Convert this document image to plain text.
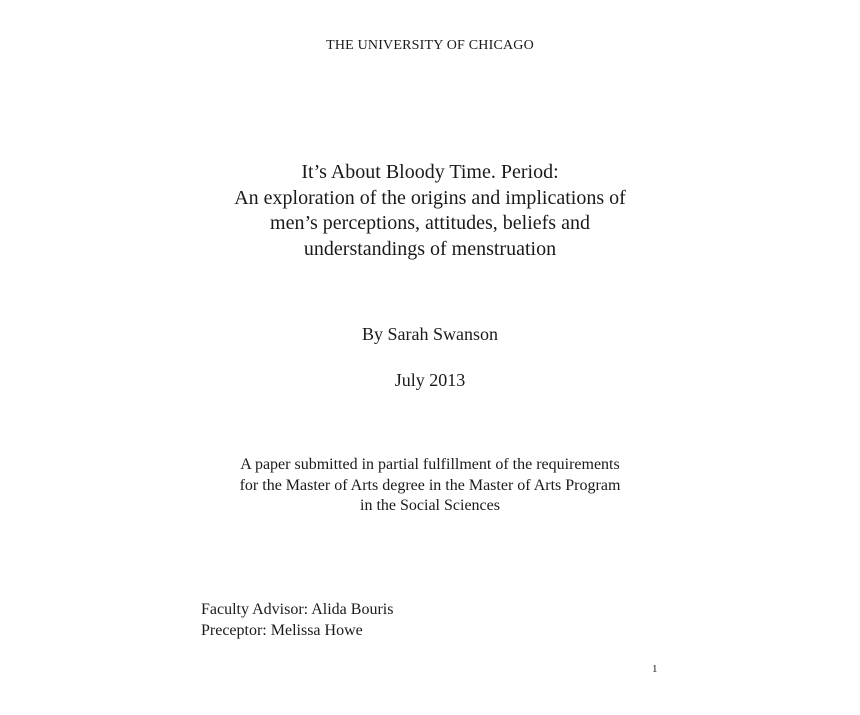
THE UNIVERSITY OF CHICAGO
It’s About Bloody Time. Period:
An exploration of the origins and implications of
men’s perceptions, attitudes, beliefs and
understandings of menstruation
By Sarah Swanson
July 2013
A paper submitted in partial fulfillment of the requirements
for the Master of Arts degree in the Master of Arts Program
in the Social Sciences
Faculty Advisor: Alida Bouris
Preceptor: Melissa Howe
1
